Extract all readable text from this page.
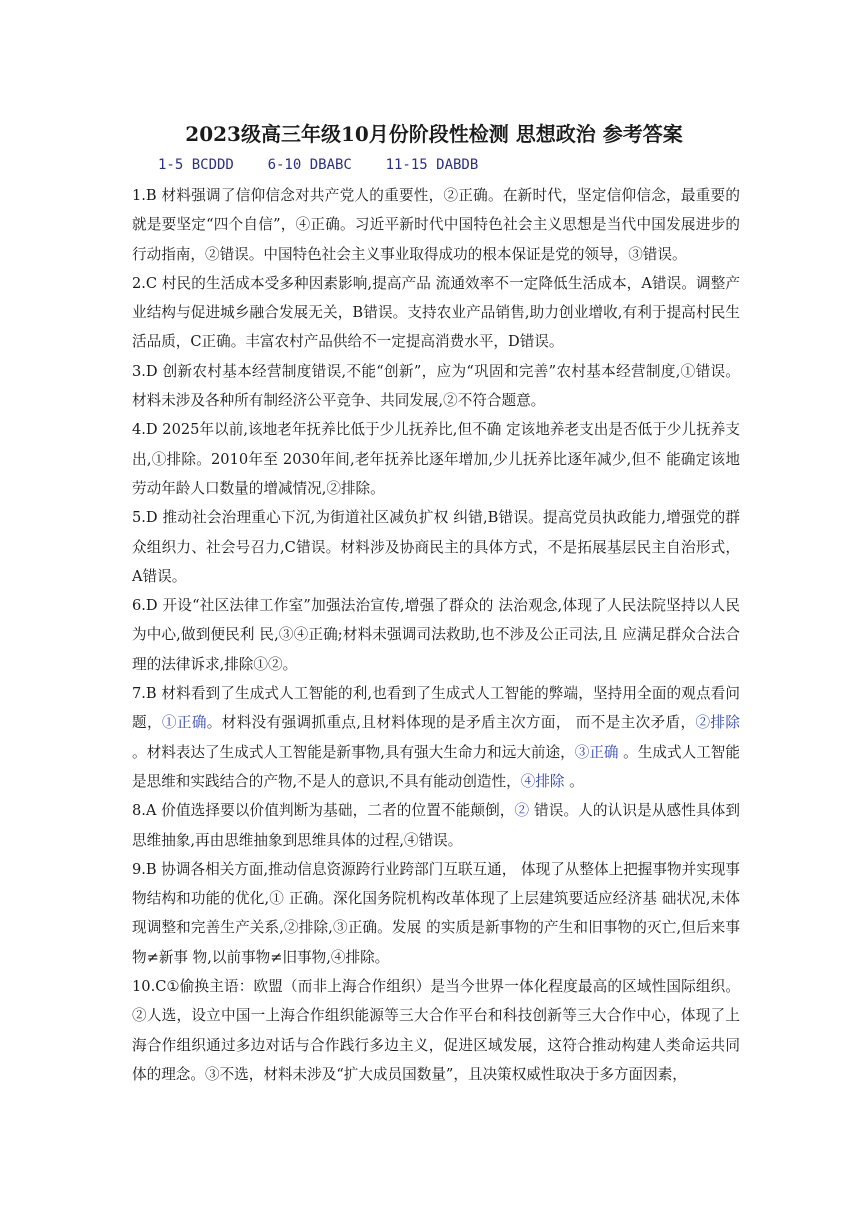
2023级高三年级10月份阶段性检测 思想政治 参考答案
1-5 BCDDD    6-10 DBABC    11-15 DABDB

1.B 材料强调了信仰信念对共产党人的重要性，②正确。在新时代，坚定信仰信念，最重要的就是要坚定“四个自信”，④正确。习近平新时代中国特色社会主义思想是当代中国发展进步的行动指南，②错误。中国特色社会主义事业取得成功的根本保证是党的领导，③错误。

2.C 村民的生活成本受多种因素影响,提高产品 流通效率不一定降低生活成本，A错误。调整产业结构与促进城乡融合发展无关，B错误。支持农业产品销售,助力创业增收,有利于提高村民生活品质，C正确。丰富农村产品供给不一定提高消费水平，D错误。

3.D 创新农村基本经营制度错误,不能“创新”，应为“巩固和完善”农村基本经营制度,①错误。材料未涉及各种所有制经济公平竞争、共同发展,②不符合题意。

4.D 2025年以前,该地老年抚养比低于少儿抚养比,但不确 定该地养老支出是否低于少儿抚养支出,①排除。2010年至 2030年间,老年抚养比逐年增加,少儿抚养比逐年减少,但不 能确定该地劳动年龄人口数量的增减情况,②排除。

5.D 推动社会治理重心下沉,为街道社区减负扩权 纠错,B错误。提高党员执政能力,增强党的群众组织力、社会号召力,C错误。材料涉及协商民主的具体方式，不是拓展基层民主自治形式，A错误。

6.D 开设“社区法律工作室”加强法治宣传,增强了群众的 法治观念,体现了人民法院坚持以人民为中心,做到便民利 民,③④正确;材料未强调司法救助,也不涉及公正司法,且 应满足群众合法合理的法律诉求,排除①②。

7.B 材料看到了生成式人工智能的利,也看到了生成式人工智能的弊端，坚持用全面的观点看问题，①正确。材料没有强调抓重点,且材料体现的是矛盾主次方面， 而不是主次矛盾，②排除 。材料表达了生成式人工智能是新事物,具有强大生命力和远大前途，③正确 。生成式人工智能是思维和实践结合的产物,不是人的意识,不具有能动创造性，④排除 。

8.A 价值选择要以价值判断为基础，二者的位置不能颠倒，② 错误。人的认识是从感性具体到思维抽象,再由思维抽象到思维具体的过程,④错误。

9.B 协调各相关方面,推动信息资源跨行业跨部门互联互通， 体现了从整体上把握事物并实现事物结构和功能的优化,① 正确。深化国务院机构改革体现了上层建筑要适应经济基 础状况,未体现调整和完善生产关系,②排除,③正确。发展 的实质是新事物的产生和旧事物的灭亡,但后来事物≠新事 物,以前事物≠旧事物,④排除。

10.C①偷换主语：欧盟（而非上海合作组织）是当今世界一体化程度最高的区域性国际组织。②人选，设立中国一上海合作组织能源等三大合作平台和科技创新等三大合作中心，体现了上海合作组织通过多边对话与合作践行多边主义，促进区域发展，这符合推动构建人类命运共同体的理念。③不选，材料未涉及“扩大成员国数量”，且决策权威性取决于多方面因素，
